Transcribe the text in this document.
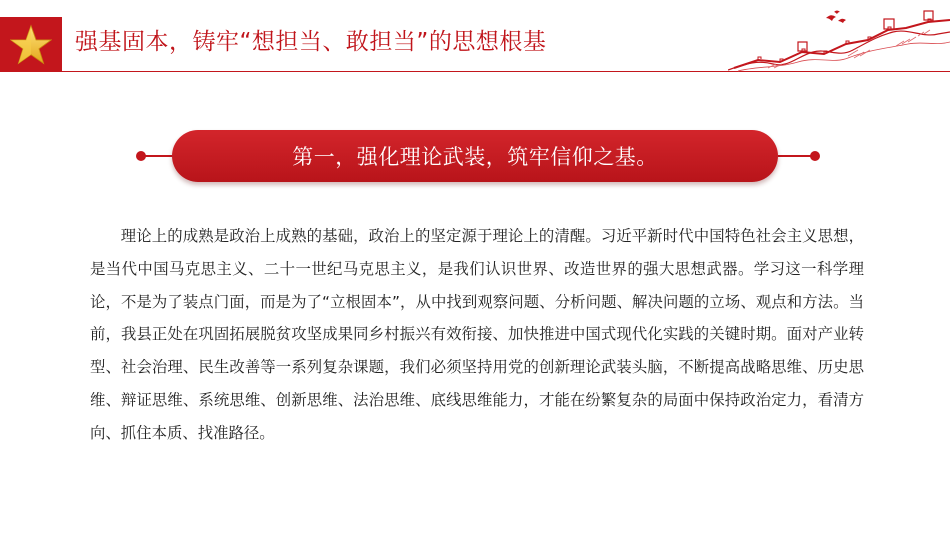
强基固本，铸牢“想担当、敢担当”的思想根基
第一，强化理论武装，筑牢信仰之基。

理论上的成熟是政治上成熟的基础，政治上的坚定源于理论上的清醒。习近平新时代中国特色社会主义思想，是当代中国马克思主义、二十一世纪马克思主义，是我们认识世界、改造世界的强大思想武器。学习这一科学理论，不是为了装点门面，而是为了“立根固本”，从中找到观察问题、分析问题、解决问题的立场、观点和方法。当前，我县正处在巩固拓展脱贫攻坚成果同乡村振兴有效衔接、加快推进中国式现代化实践的关键时期。面对产业转型、社会治理、民生改善等一系列复杂课题，我们必须坚持用党的创新理论武装头脑，不断提高战略思维、历史思维、辩证思维、系统思维、创新思维、法治思维、底线思维能力，才能在纷繁复杂的局面中保持政治定力，看清方向、抓住本质、找准路径。
